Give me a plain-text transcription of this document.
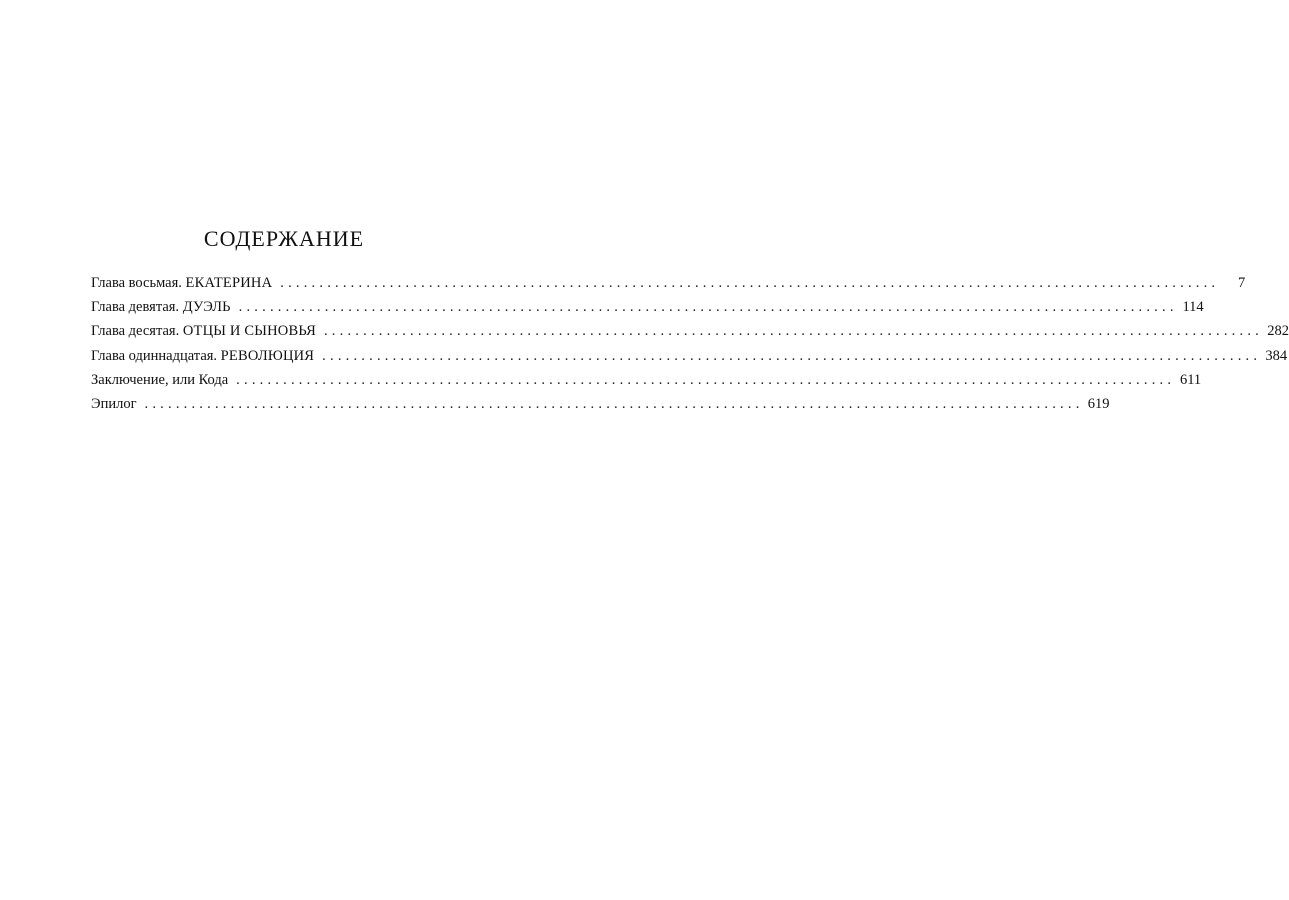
СОДЕРЖАНИЕ
Глава восьмая. ЕКАТЕРИНА ........................................................................................................................	7
Глава девятая. ДУЭЛЬ ........................................................................................................................ 114
Глава десятая. ОТЦЫ И СЫНОВЬЯ ........................................................................................................................ 282
Глава одиннадцатая. РЕВОЛЮЦИЯ ........................................................................................................................ 384
Заключение, или Кода ........................................................................................................................ 611
Эпилог ........................................................................................................................ 619
